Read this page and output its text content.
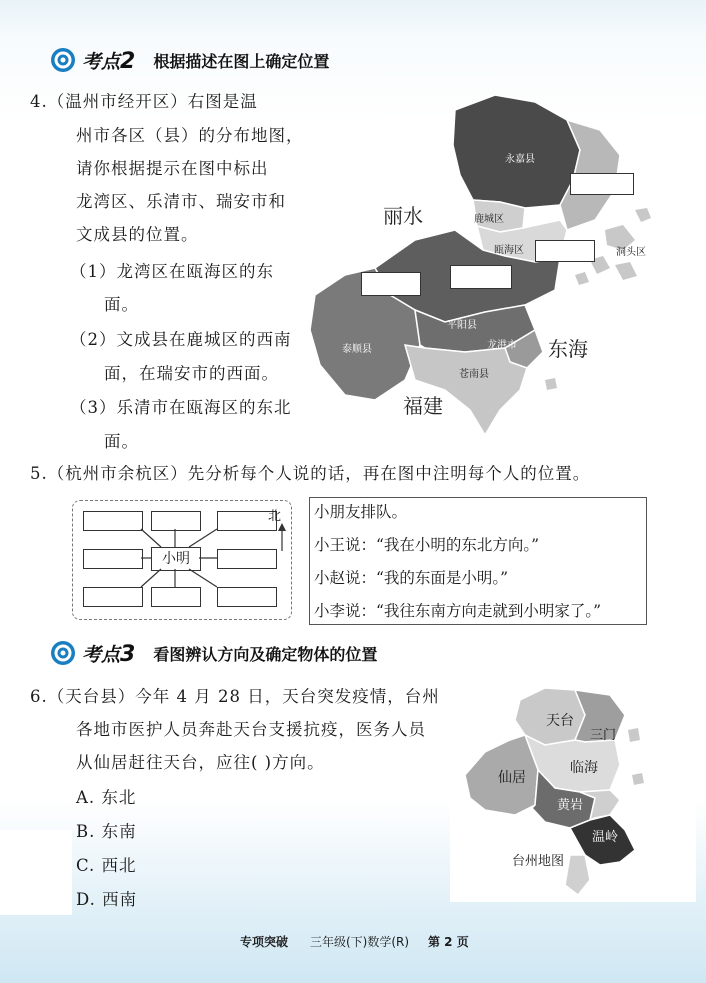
考点2 根据描述在图上确定位置
4.（温州市经开区）右图是温
州市各区（县）的分布地图，
请你根据提示在图中标出
龙湾区、乐清市、瑞安市和
文成县的位置。
（1）龙湾区在瓯海区的东
面。
（2）文成县在鹿城区的西南
面，在瑞安市的西面。
（3）乐清市在瓯海区的东北
面。
丽水
东海
福建
永嘉县
鹿城区
瓯海区	洞头区
平阳县
龙港市
泰顺县
苍南县
5.（杭州市余杭区）先分析每个人说的话，再在图中注明每个人的位置。
小明
北 小朋友排队。
小王说：“我在小明的东北方向。”
小赵说：“我的东面是小明。”
小李说：“我往东南方向走就到小明家了。”
考点3 看图辨认方向及确定物体的位置
6.（天台县）今年 4 月 28 日，天台突发疫情，台州
各地市医护人员奔赴天台支援抗疫，医务人员
从仙居赶往天台，应往( )方向。
A. 东北
B. 东南
C. 西北
D. 西南
天台
三门
临海
仙居
黄岩
温岭
台州地图
专项突破 三年级(下)数学(R) 第 2 页
